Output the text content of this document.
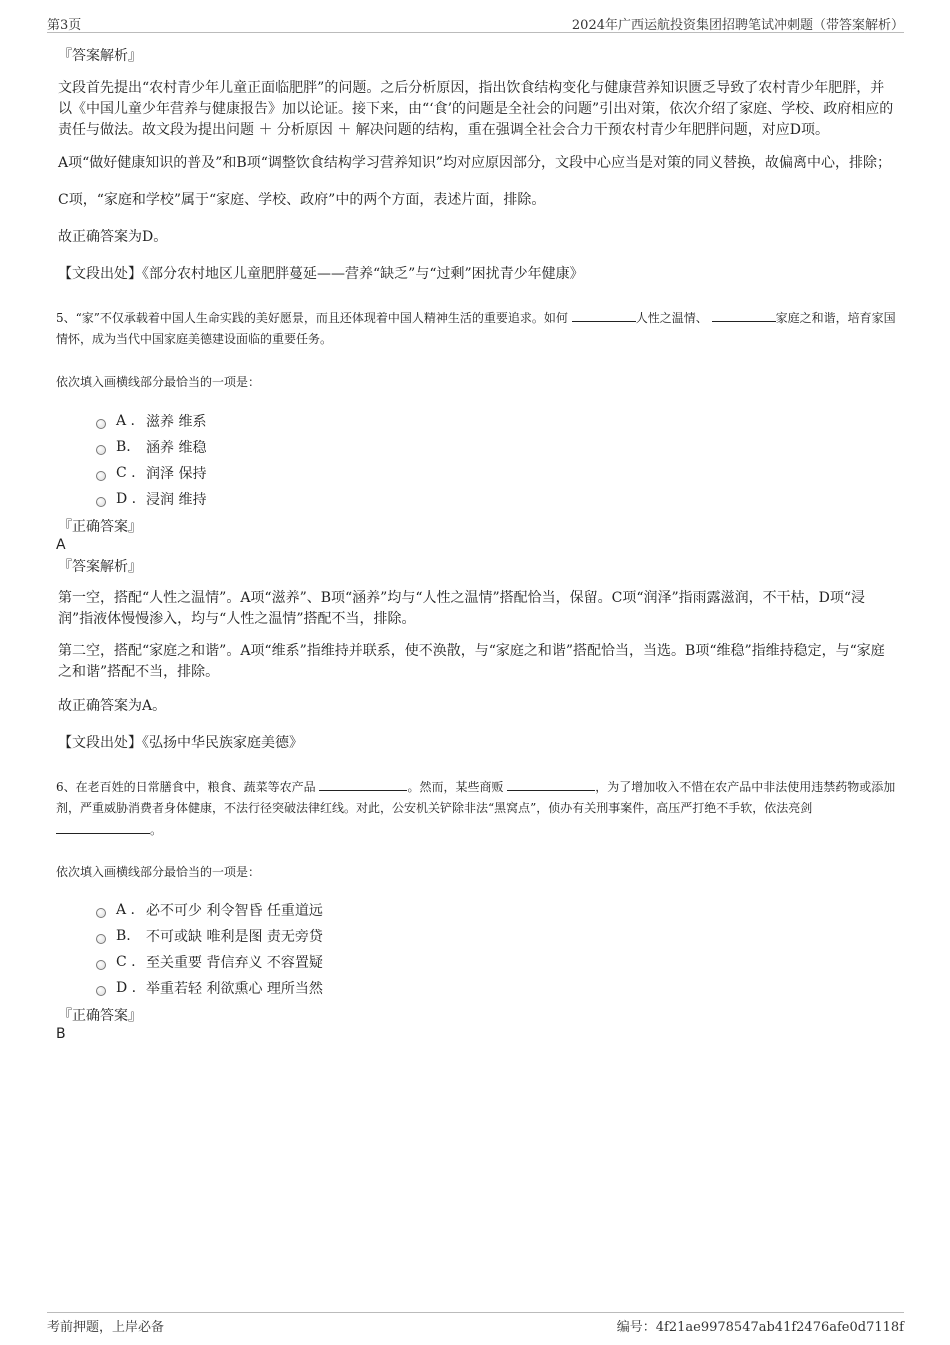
第3页	2024年广西运航投资集团招聘笔试冲刺题（带答案解析）
『答案解析』
文段首先提出“农村青少年儿童正面临肥胖”的问题。之后分析原因，指出饮食结构变化与健康营养知识匮乏导致了农村青少年肥胖，并以《中国儿童少年营养与健康报告》加以论证。接下来，由“‘食’的问题是全社会的问题”引出对策，依次介绍了家庭、学校、政府相应的责任与做法。故文段为提出问题 ＋ 分析原因 ＋ 解决问题的结构，重在强调全社会合力干预农村青少年肥胖问题，对应D项。
A项“做好健康知识的普及”和B项“调整饮食结构学习营养知识”均对应原因部分，文段中心应当是对策的同义替换，故偏离中心，排除；
C项，“家庭和学校”属于“家庭、学校、政府”中的两个方面，表述片面，排除。
故正确答案为D。
【文段出处】《部分农村地区儿童肥胖蔓延——营养“缺乏”与“过剩”困扰青少年健康》
5、“家”不仅承载着中国人生命实践的美好愿景，而且还体现着中国人精神生活的重要追求。如何	人性之温情、	家庭之和谐，培育家国情怀，成为当代中国家庭美德建设面临的重要任务。
依次填入画横线部分最恰当的一项是：
A . 滋养 维系
B.	涵养 维稳
C . 润泽 保持
D . 浸润 维持
『正确答案』
A
『答案解析』
第一空，搭配“人性之温情”。A项“滋养”、B项“涵养”均与“人性之温情”搭配恰当，保留。C项“润泽”指雨露滋润，不干枯，D项“浸润”指液体慢慢渗入，均与“人性之温情”搭配不当，排除。
第二空，搭配“家庭之和谐”。A项“维系”指维持并联系，使不涣散，与“家庭之和谐”搭配恰当，当选。B项“维稳”指维持稳定，与“家庭之和谐”搭配不当，排除。
故正确答案为A。
【文段出处】《弘扬中华民族家庭美德》
6、在老百姓的日常膳食中，粮食、蔬菜等农产品	。然而，某些商贩	，为了增加收入不惜在农产品中非法使用违禁药物或添加剂，严重威胁消费者身体健康，不法行径突破法律红线。对此，公安机关铲除非法“黑窝点”，侦办有关刑事案件，高压严打绝不手软，依法亮剑 。
依次填入画横线部分最恰当的一项是：
A . 必不可少 利令智昏 任重道远
B.	不可或缺 唯利是图 责无旁贷
C . 至关重要 背信弃义 不容置疑
D . 举重若轻 利欲熏心 理所当然
『正确答案』
B
考前押题，上岸必备	编号：4f21ae9978547ab41f2476afe0d7118f
